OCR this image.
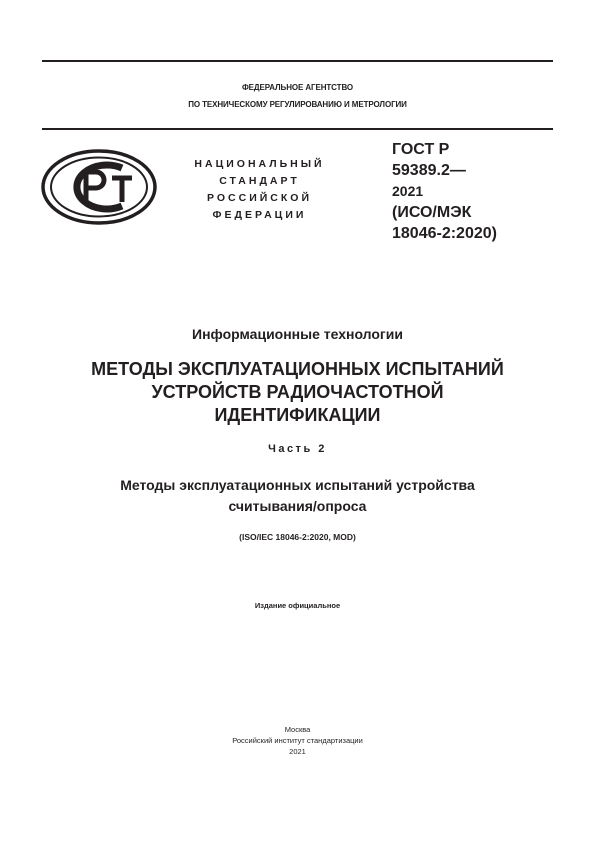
ФЕДЕРАЛЬНОЕ АГЕНТСТВО
ПО ТЕХНИЧЕСКОМУ РЕГУЛИРОВАНИЮ И МЕТРОЛОГИИ
НАЦИОНАЛЬНЫЙ
СТАНДАРТ
РОССИЙСКОЙ
ФЕДЕРАЦИИ
ГОСТ Р
59389.2—
2021
(ИСО/МЭК
18046-2:2020)
Информационные технологии
МЕТОДЫ ЭКСПЛУАТАЦИОННЫХ ИСПЫТАНИЙ
УСТРОЙСТВ РАДИОЧАСТОТНОЙ
ИДЕНТИФИКАЦИИ
Часть 2
Методы эксплуатационных испытаний устройства
считывания/опроса
(ISO/IEC 18046-2:2020, MOD)
Издание официальное
Москва
Российский институт стандартизации
2021
